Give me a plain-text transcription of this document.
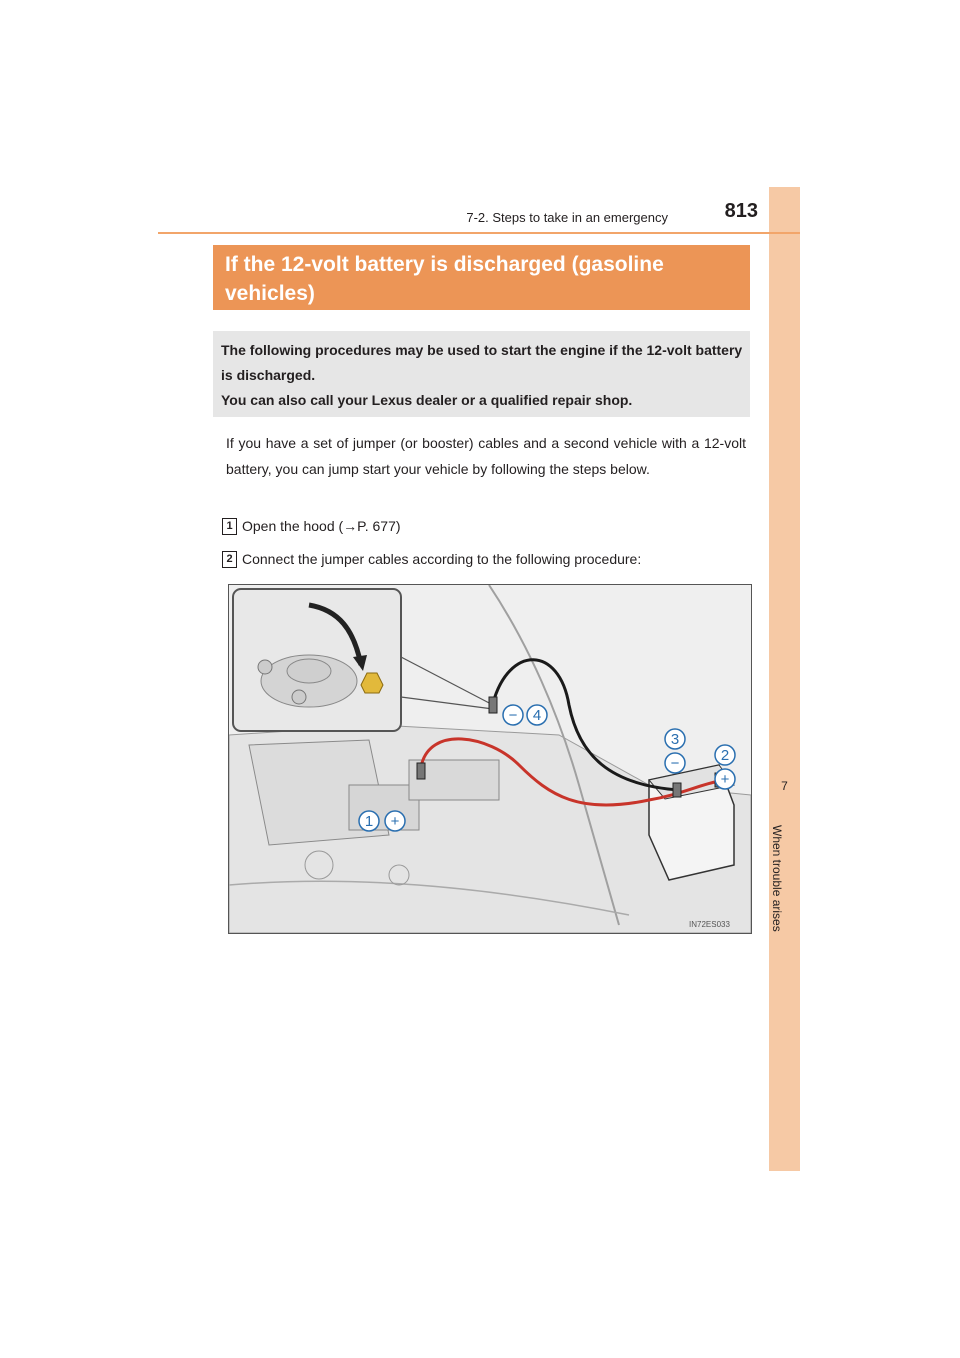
7
When trouble arises
7-2. Steps to take in an emergency	813
If the 12-volt battery is discharged (gasoline vehicles)

The following procedures may be used to start the engine if the 12-volt battery is discharged.
You can also call your Lexus dealer or a qualified repair shop.

If you have a set of jumper (or booster) cables and a second vehicle with a 12-volt battery, you can jump start your vehicle by following the steps below.
1 Open the hood (→P. 677)
2 Connect the jumper cables according to the following procedure:
1 +
2
+
3
−
− 4
IN72ES033
